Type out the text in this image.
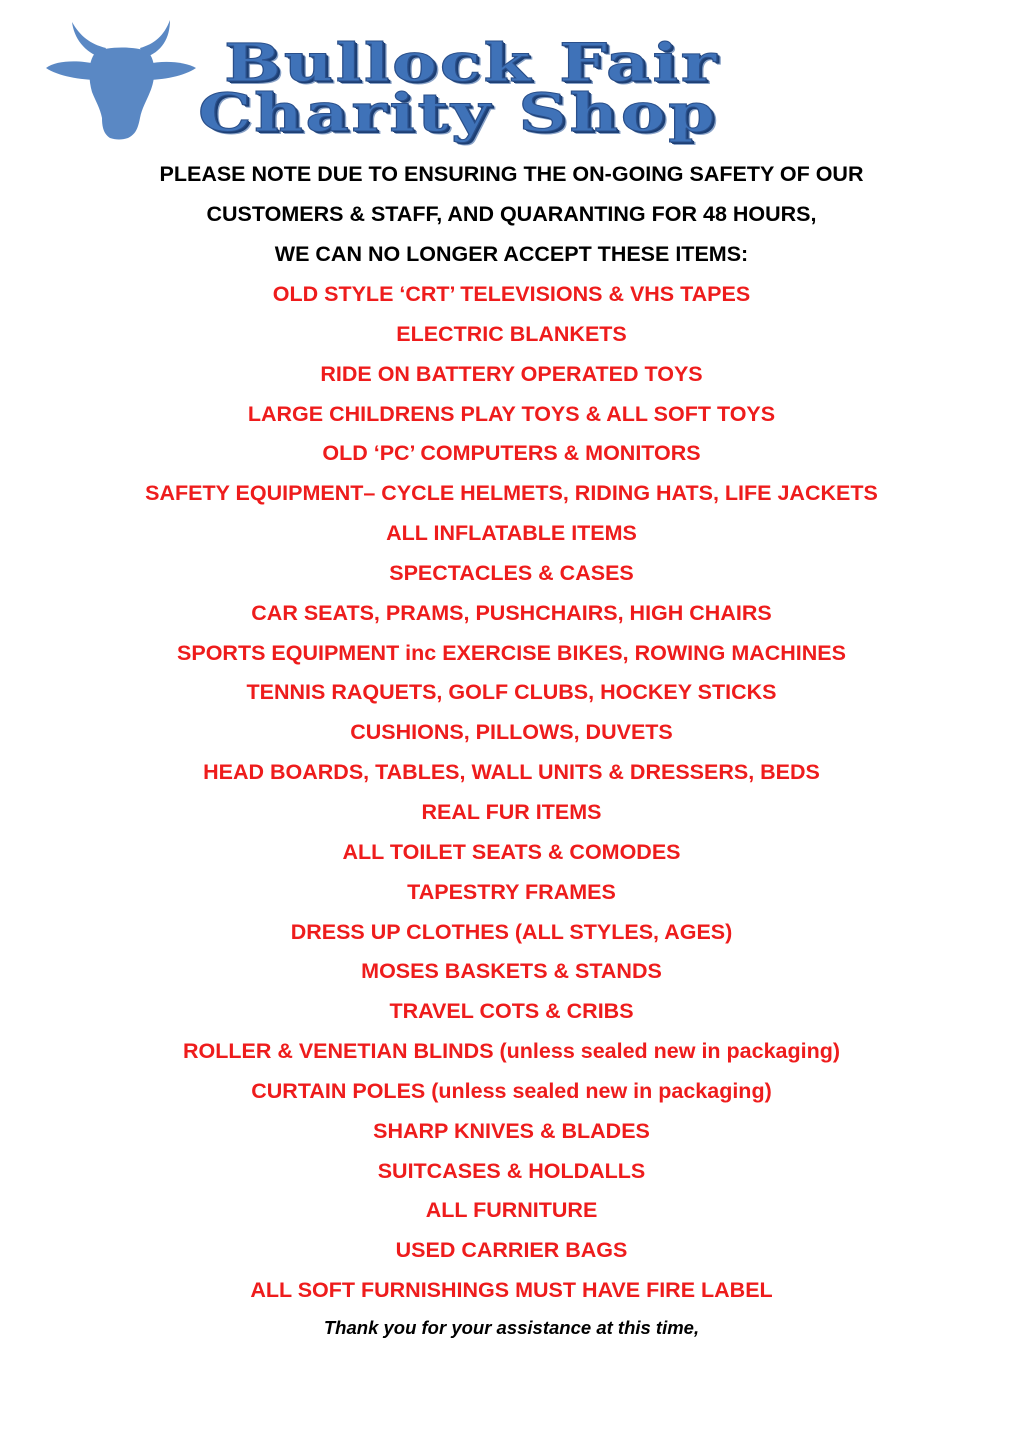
Bullock Fair
Charity Shop
PLEASE NOTE DUE TO ENSURING THE ON-GOING SAFETY OF OUR
CUSTOMERS & STAFF, AND QUARANTING FOR 48 HOURS,
WE CAN NO LONGER ACCEPT THESE ITEMS:
OLD STYLE ‘CRT’ TELEVISIONS & VHS TAPES
ELECTRIC BLANKETS
RIDE ON BATTERY OPERATED TOYS
LARGE CHILDRENS PLAY TOYS & ALL SOFT TOYS
OLD ‘PC’ COMPUTERS & MONITORS
SAFETY EQUIPMENT– CYCLE HELMETS, RIDING HATS, LIFE JACKETS
ALL INFLATABLE ITEMS
SPECTACLES & CASES
CAR SEATS, PRAMS, PUSHCHAIRS, HIGH CHAIRS
SPORTS EQUIPMENT inc EXERCISE BIKES, ROWING MACHINES
TENNIS RAQUETS, GOLF CLUBS, HOCKEY STICKS
CUSHIONS, PILLOWS, DUVETS
HEAD BOARDS, TABLES, WALL UNITS & DRESSERS, BEDS
REAL FUR ITEMS
ALL TOILET SEATS & COMODES
TAPESTRY FRAMES
DRESS UP CLOTHES (ALL STYLES, AGES)
MOSES BASKETS & STANDS
TRAVEL COTS & CRIBS
ROLLER & VENETIAN BLINDS (unless sealed new in packaging)
CURTAIN POLES (unless sealed new in packaging)
SHARP KNIVES & BLADES
SUITCASES & HOLDALLS
ALL FURNITURE
USED CARRIER BAGS
ALL SOFT FURNISHINGS MUST HAVE FIRE LABEL
Thank you for your assistance at this time,
